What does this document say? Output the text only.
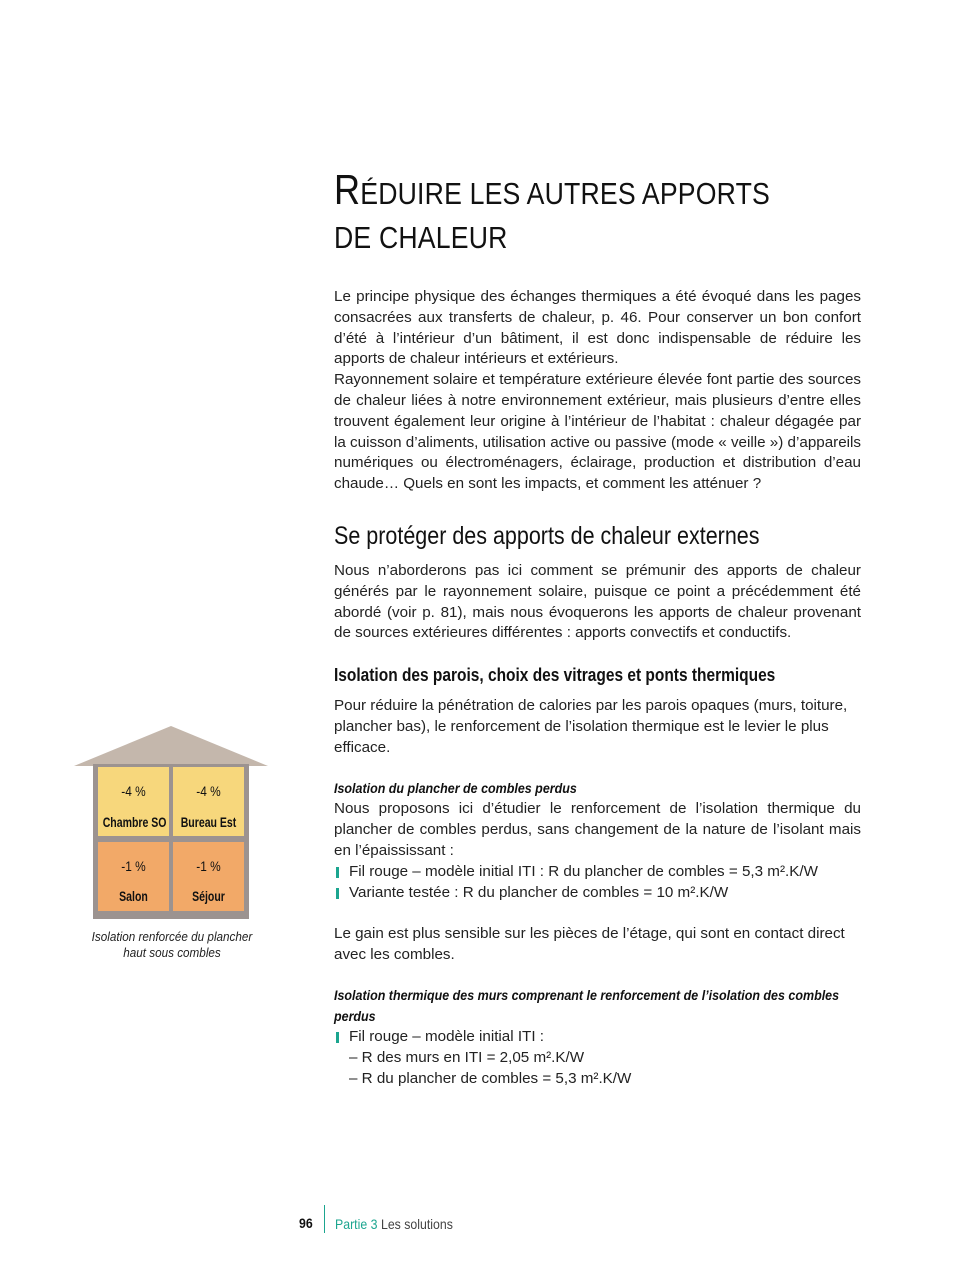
RÉDUIRE LES AUTRES APPORTS
DE CHALEUR

Le principe physique des échanges thermiques a été évoqué dans les pages consacrées aux transferts de chaleur, p. 46. Pour conserver un bon confort d’été à l’intérieur d’un bâtiment, il est donc indispensable de réduire les apports de chaleur intérieurs et extérieurs.

Rayonnement solaire et température extérieure élevée font partie des sources de chaleur liées à notre environnement extérieur, mais plusieurs d’entre elles trouvent également leur origine à l’intérieur de l’habitat : chaleur dégagée par la cuisson d’aliments, utilisation active ou passive (mode « veille ») d’appareils numériques ou électroménagers, éclairage, production et distribution d’eau chaude… Quels en sont les impacts, et comment les atténuer ?

Se protéger des apports de chaleur externes

Nous n’aborderons pas ici comment se prémunir des apports de chaleur générés par le rayonnement solaire, puisque ce point a précédemment été abordé (voir p. 81), mais nous évoquerons les apports de chaleur provenant de sources extérieures différentes : apports convectifs et conductifs.

Isolation des parois, choix des vitrages et ponts thermiques

Pour réduire la pénétration de calories par les parois opaques (murs, toiture, plancher bas), le renforcement de l’isolation thermique est le levier le plus efficace.

Isolation du plancher de combles perdus

Nous proposons ici d’étudier le renforcement de l’isolation thermique du plancher de combles perdus, sans changement de la nature de l’isolant mais en l’épaississant :

Fil rouge – modèle initial ITI : R du plancher de combles = 5,3 m².K/W
Variante testée : R du plancher de combles = 10 m².K/W

Le gain est plus sensible sur les pièces de l’étage, qui sont en contact direct avec les combles.

Isolation thermique des murs comprenant le renforcement de l’isolation des combles perdus
Fil rouge – modèle initial ITI :
– R des murs en ITI = 2,05 m².K/W
– R du plancher de combles = 5,3 m².K/W
-4 %
Chambre SO
-4 %
Bureau Est
-1 %
Salon
-1 %
Séjour
Isolation renforcée du plancher haut sous combles
96 Partie 3 Les solutions
